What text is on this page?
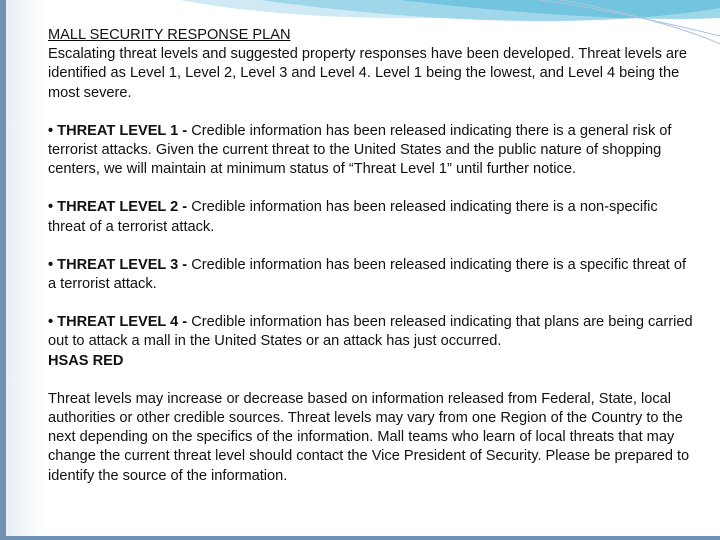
MALL SECURITY RESPONSE PLAN

Escalating threat levels and suggested property responses have been developed. Threat levels are identified as Level 1, Level 2, Level 3 and Level 4. Level 1 being the lowest, and Level 4 being the most severe.

• THREAT LEVEL 1 - Credible information has been released indicating there is a general risk of terrorist attacks. Given the current threat to the United States and the public nature of shopping centers, we will maintain at minimum status of “Threat Level 1” until further notice.

• THREAT LEVEL 2 - Credible information has been released indicating there is a non-specific threat of a terrorist attack.

• THREAT LEVEL 3 - Credible information has been released indicating there is a specific threat of a terrorist attack.

• THREAT LEVEL 4 - Credible information has been released indicating that plans are being carried out to attack a mall in the United States or an attack has just occurred.
HSAS RED

Threat levels may increase or decrease based on information released from Federal, State, local authorities or other credible sources. Threat levels may vary from one Region of the Country to the next depending on the specifics of the information. Mall teams who learn of local threats that may change the current threat level should contact the Vice President of Security. Please be prepared to identify the source of the information.
